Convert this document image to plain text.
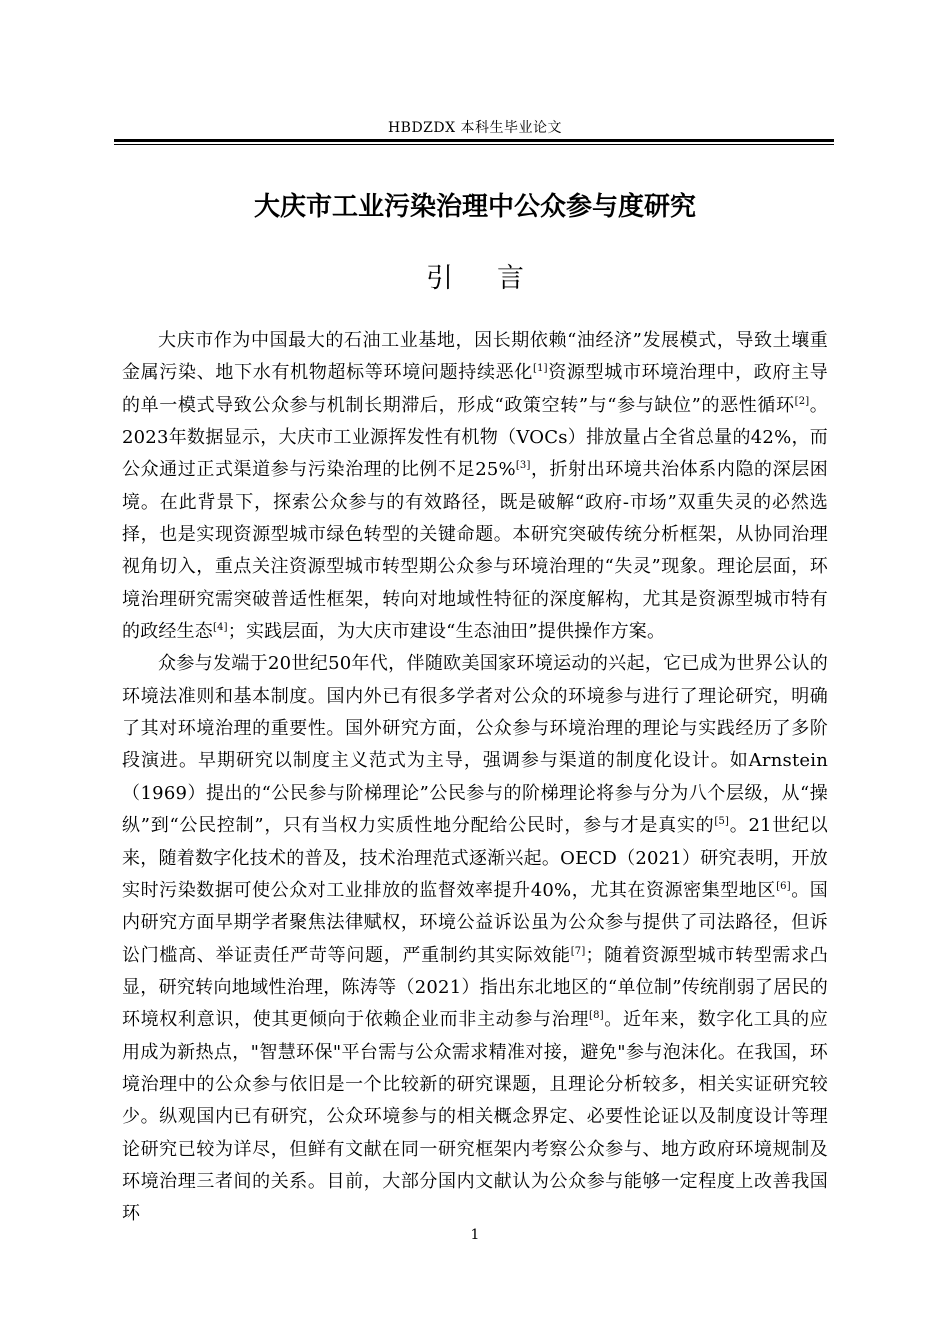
HBDZDX 本科生毕业论文
大庆市工业污染治理中公众参与度研究
引 言

大庆市作为中国最大的石油工业基地，因长期依赖“油经济”发展模式，导致土壤重金属污染、地下水有机物超标等环境问题持续恶化[1]资源型城市环境治理中，政府主导的单一模式导致公众参与机制长期滞后，形成“政策空转”与“参与缺位”的恶性循环[2]。2023年数据显示，大庆市工业源挥发性有机物（VOCs）排放量占全省总量的42%，而公众通过正式渠道参与污染治理的比例不足25%[3]，折射出环境共治体系内隐的深层困境。在此背景下，探索公众参与的有效路径，既是破解“政府-市场”双重失灵的必然选择，也是实现资源型城市绿色转型的关键命题。本研究突破传统分析框架，从协同治理视角切入，重点关注资源型城市转型期公众参与环境治理的“失灵”现象。理论层面，环境治理研究需突破普适性框架，转向对地域性特征的深度解构，尤其是资源型城市特有的政经生态[4]；实践层面，为大庆市建设“生态油田”提供操作方案。

众参与发端于20世纪50年代，伴随欧美国家环境运动的兴起，它已成为世界公认的环境法准则和基本制度。国内外已有很多学者对公众的环境参与进行了理论研究，明确了其对环境治理的重要性。国外研究方面，公众参与环境治理的理论与实践经历了多阶段演进。早期研究以制度主义范式为主导，强调参与渠道的制度化设计。如Arnstein（1969）提出的“公民参与阶梯理论”公民参与的阶梯理论将参与分为八个层级，从“操纵”到“公民控制”，只有当权力实质性地分配给公民时，参与才是真实的[5]。21世纪以来，随着数字化技术的普及，技术治理范式逐渐兴起。OECD（2021）研究表明，开放实时污染数据可使公众对工业排放的监督效率提升40%，尤其在资源密集型地区[6]。国内研究方面早期学者聚焦法律赋权，环境公益诉讼虽为公众参与提供了司法路径，但诉讼门槛高、举证责任严苛等问题，严重制约其实际效能[7]；随着资源型城市转型需求凸显，研究转向地域性治理，陈涛等（2021）指出东北地区的“单位制”传统削弱了居民的环境权利意识，使其更倾向于依赖企业而非主动参与治理[8]。近年来，数字化工具的应用成为新热点，"智慧环保"平台需与公众需求精准对接，避免"参与泡沫化。在我国，环境治理中的公众参与依旧是一个比较新的研究课题，且理论分析较多，相关实证研究较少。纵观国内已有研究，公众环境参与的相关概念界定、必要性论证以及制度设计等理论研究已较为详尽，但鲜有文献在同一研究框架内考察公众参与、地方政府环境规制及环境治理三者间的关系。目前，大部分国内文献认为公众参与能够一定程度上改善我国环

1
